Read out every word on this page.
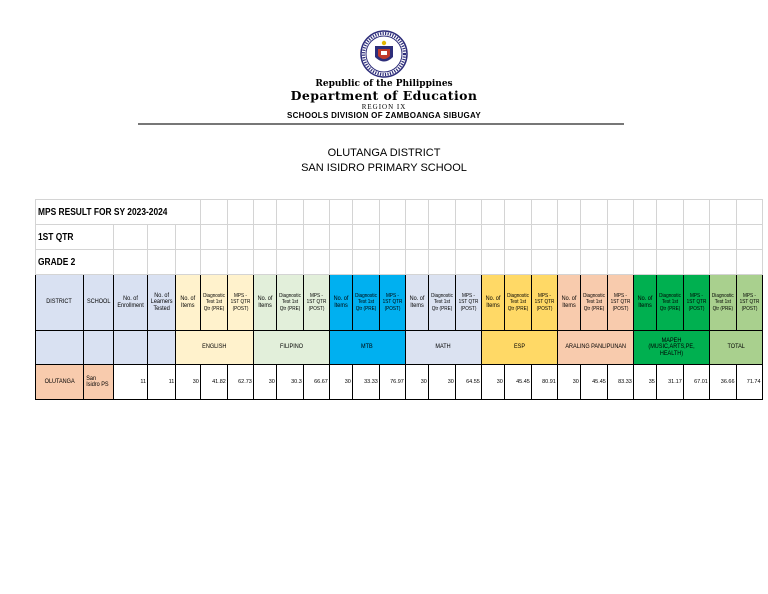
Republic of the Philippines
Department of Education
REGION IX
SCHOOLS DIVISION OF ZAMBOANGA SIBUGAY
OLUTANGA DISTRICT
SAN ISIDRO PRIMARY SCHOOL
MPS RESULT FOR SY 2023-2024																										
1ST QTR																										
GRADE 2																										
DISTRICT	SCHOOL	No. of Enrollment	No. of Learners Tested	No. of Items	Diagnostic Test 1st Qtr (PRE)	MPS - 1ST QTR (POST)	No. of Items	Diagnostic Test 1st Qtr (PRE)	MPS - 1ST QTR (POST)	No. of Items	Diagnostic Test 1st Qtr (PRE)	MPS - 1ST QTR (POST)	No. of Items	Diagnostic Test 1st Qtr (PRE)	MPS - 1ST QTR (POST)	No. of Items	Diagnostic Test 1st Qtr (PRE)	MPS - 1ST QTR (POST)	No. of Items	Diagnostic Test 1st Qtr (PRE)	MPS - 1ST QTR (POST)	No. of Items	Diagnostic Test 1st Qtr (PRE)	MPS - 1ST QTR (POST)	Diagnostic Test 1st Qtr (PRE)	MPS - 1ST QTR (POST)
				ENGLISH			FILIPINO			MTB			MATH			ESP			ARALING PANLIPUNAN			MAPEH (MUSIC,ARTS,PE, HEALTH)			TOTAL	
OLUTANGA	San Isidro PS	11	11	30	41.82	62.73	30	30.3	66.67	30	33.33	76.97	30	30	64.55	30	45.45	80.91	30	45.45	83.33	35	31.17	67.01	36.66	71.74
